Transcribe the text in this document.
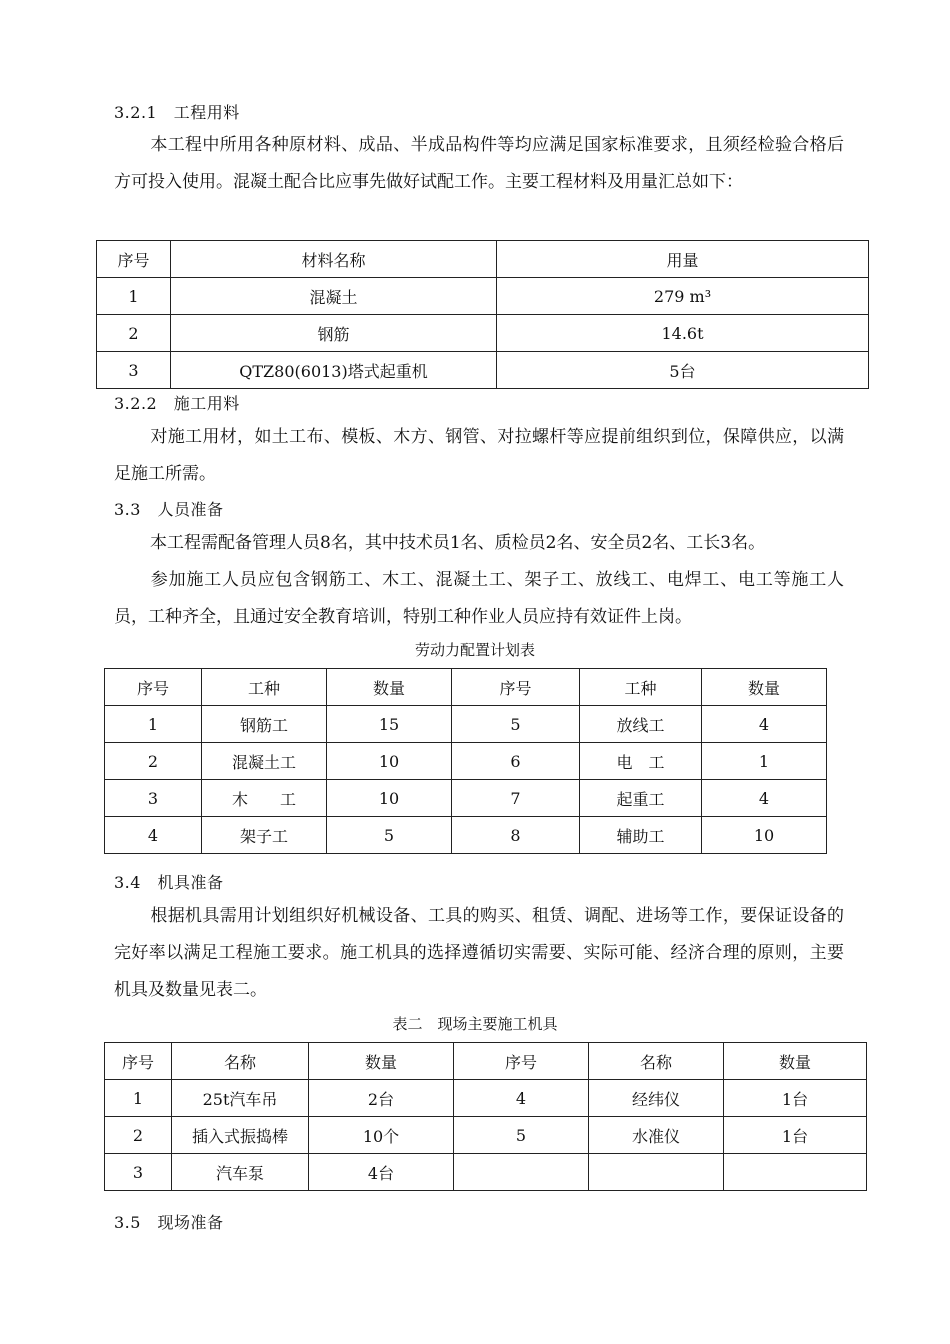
3.2.1　工程用料
本工程中所用各种原材料、成品、半成品构件等均应满足国家标准要求，且须经检验合格后方可投入使用。混凝土配合比应事先做好试配工作。主要工程材料及用量汇总如下：
序号	材料名称	用量
1	混凝土	279 m³
2	钢筋	14.6t
3	QTZ80(6013)塔式起重机	5台
3.2.2　施工用料
对施工用材，如土工布、模板、木方、钢管、对拉螺杆等应提前组织到位，保障供应，以满足施工所需。
3.3　人员准备
本工程需配备管理人员8名，其中技术员1名、质检员2名、安全员2名、工长3名。
参加施工人员应包含钢筋工、木工、混凝土工、架子工、放线工、电焊工、电工等施工人员，工种齐全，且通过安全教育培训，特别工种作业人员应持有效证件上岗。
劳动力配置计划表
序号	工种	数量	序号	工种	数量
1	钢筋工	15	5	放线工	4
2	混凝土工	10	6	电　工	1
3	木　　工	10	7	起重工	4
4	架子工	5	8	辅助工	10
3.4　机具准备
根据机具需用计划组织好机械设备、工具的购买、租赁、调配、进场等工作，要保证设备的完好率以满足工程施工要求。施工机具的选择遵循切实需要、实际可能、经济合理的原则，主要机具及数量见表二。
表二　现场主要施工机具
序号	名称	数量	序号	名称	数量
1	25t汽车吊	2台	4	经纬仪	1台
2	插入式振捣棒	10个	5	水准仪	1台
3	汽车泵	4台			
3.5　现场准备
